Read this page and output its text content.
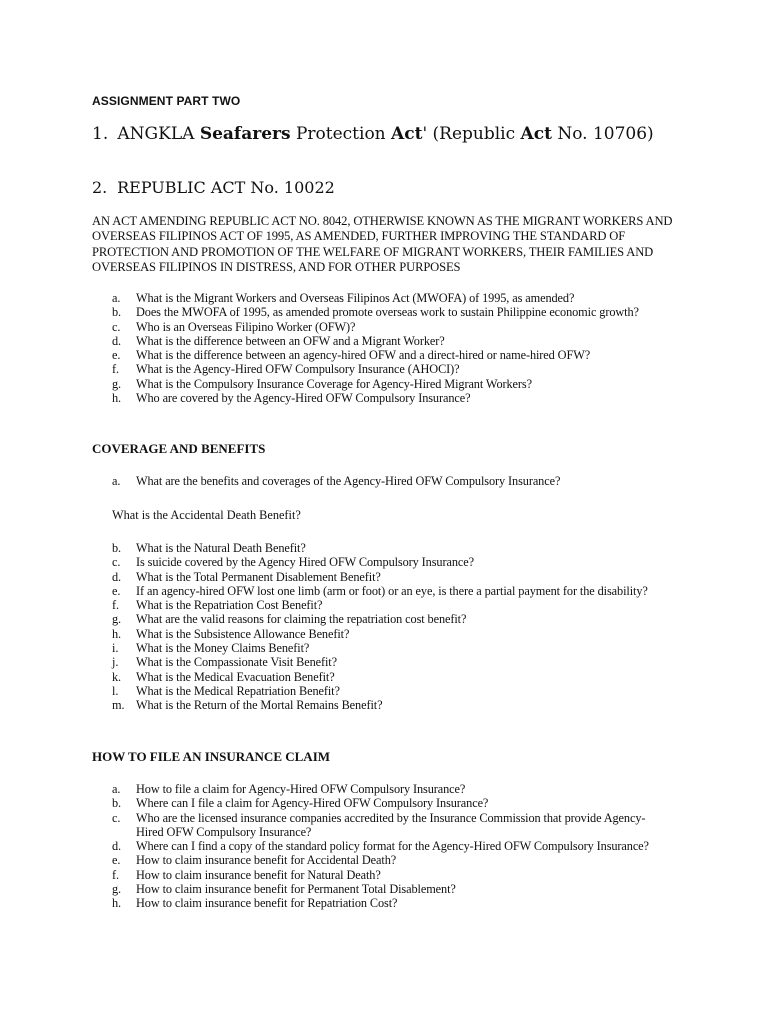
ASSIGNMENT PART TWO
1. ANGKLA Seafarers Protection Act' (Republic Act No. 10706)
2. REPUBLIC ACT No. 10022
AN ACT AMENDING REPUBLIC ACT NO. 8042, OTHERWISE KNOWN AS THE MIGRANT WORKERS AND OVERSEAS FILIPINOS ACT OF 1995, AS AMENDED, FURTHER IMPROVING THE STANDARD OF PROTECTION AND PROMOTION OF THE WELFARE OF MIGRANT WORKERS, THEIR FAMILIES AND OVERSEAS FILIPINOS IN DISTRESS, AND FOR OTHER PURPOSES
a.	What is the Migrant Workers and Overseas Filipinos Act (MWOFA) of 1995, as amended?
b.	Does the MWOFA of 1995, as amended promote overseas work to sustain Philippine economic growth?
c.	Who is an Overseas Filipino Worker (OFW)?
d.	What is the difference between an OFW and a Migrant Worker?
e.	What is the difference between an agency-hired OFW and a direct-hired or name-hired OFW?
f.	What is the Agency-Hired OFW Compulsory Insurance (AHOCI)?
g.	What is the Compulsory Insurance Coverage for Agency-Hired Migrant Workers?
h.	Who are covered by the Agency-Hired OFW Compulsory Insurance?
COVERAGE AND BENEFITS
a.	What are the benefits and coverages of the Agency-Hired OFW Compulsory Insurance?
What is the Accidental Death Benefit?
b.	What is the Natural Death Benefit?
c.	Is suicide covered by the Agency Hired OFW Compulsory Insurance?
d.	What is the Total Permanent Disablement Benefit?
e.	If an agency-hired OFW lost one limb (arm or foot) or an eye, is there a partial payment for the disability?
f.	What is the Repatriation Cost Benefit?
g.	What are the valid reasons for claiming the repatriation cost benefit?
h.	What is the Subsistence Allowance Benefit?
i.	What is the Money Claims Benefit?
j.	What is the Compassionate Visit Benefit?
k.	What is the Medical Evacuation Benefit?
l.	What is the Medical Repatriation Benefit?
m. What is the Return of the Mortal Remains Benefit?
HOW TO FILE AN INSURANCE CLAIM
a.	How to file a claim for Agency-Hired OFW Compulsory Insurance?
b.	Where can I file a claim for Agency-Hired OFW Compulsory Insurance?
c.	Who are the licensed insurance companies accredited by the Insurance Commission that provide Agency-Hired OFW Compulsory Insurance?
d.	Where can I find a copy of the standard policy format for the Agency-Hired OFW Compulsory Insurance?
e.	How to claim insurance benefit for Accidental Death?
f.	How to claim insurance benefit for Natural Death?
g.	How to claim insurance benefit for Permanent Total Disablement?
h.	How to claim insurance benefit for Repatriation Cost?
